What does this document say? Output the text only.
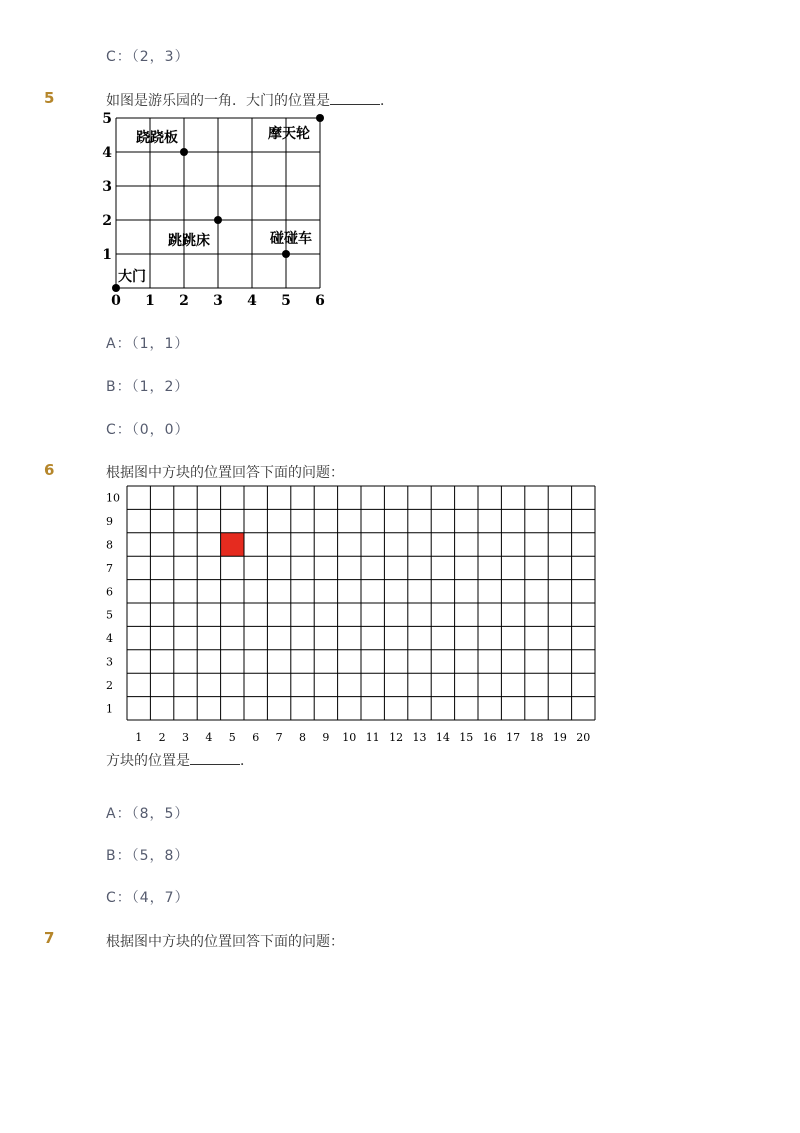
C：（2，3）
5	如图是游乐园的一角．大门的位置是	．
0 1 2 3 4 5 6
1
2
3
4
5
跷跷板	摩天轮
跳跳床	碰碰车
大门
A：（1，1）
B：（1，2）
C：（0，0）
6	根据图中方块的位置回答下面的问题：
1 2 3 4 5 6 7 8 9 10 11 12 13 14 15 16 17 18 19 20
1
2
3
4
5
6
7
8
9
10
方块的位置是	．
A：（8，5）
B：（5，8）
C：（4，7）
7	根据图中方块的位置回答下面的问题：
